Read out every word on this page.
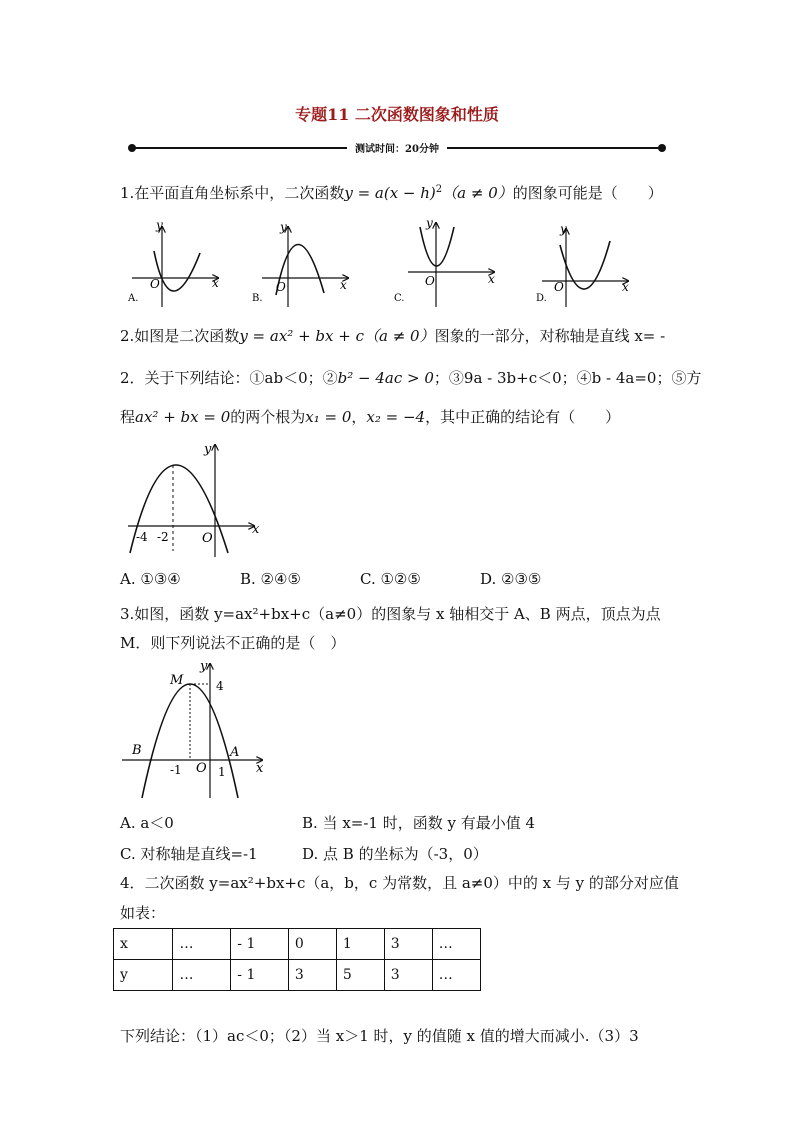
专题11 二次函数图象和性质
测试时间：20分钟
1.在平面直角坐标系中，二次函数$y = a(x - h)^2(a \ne 0)$的图象可能是（　　）
y
x
O
A.
y
x
O
B.
y
x
O
C.
y
x
O
D.
2.如图是二次函数y = ax² + bx + c（a ≠ 0）图象的一部分，对称轴是直线 x= -
2．关于下列结论：①ab＜0；②b² − 4ac > 0；③9a - 3b+c＜0；④b - 4a=0；⑤方
程ax² + bx = 0的两个根为x₁ = 0，x₂ = −4，其中正确的结论有（　　）
y
x
O
-4 -2
A. ①③④	B. ②④⑤	C. ①②⑤	D. ②③⑤
3.如图，函数 y=ax²+bx+c（a≠0）的图象与 x 轴相交于 A、B 两点，顶点为点
M．则下列说法不正确的是（　）
M
y
4
B	A
-1 O 1 x
A. a＜0	B. 当 x=-1 时，函数 y 有最小值 4
C. 对称轴是直线=-1	D. 点 B 的坐标为（-3，0）
4．二次函数 y=ax²+bx+c（a，b，c 为常数，且 a≠0）中的 x 与 y 的部分对应值
如表：
x	…	- 1	0	1	3	…
y	…	- 1	3	5	3	…
下列结论：（1）ac＜0；（2）当 x＞1 时，y 的值随 x 值的增大而减小.（3）3
